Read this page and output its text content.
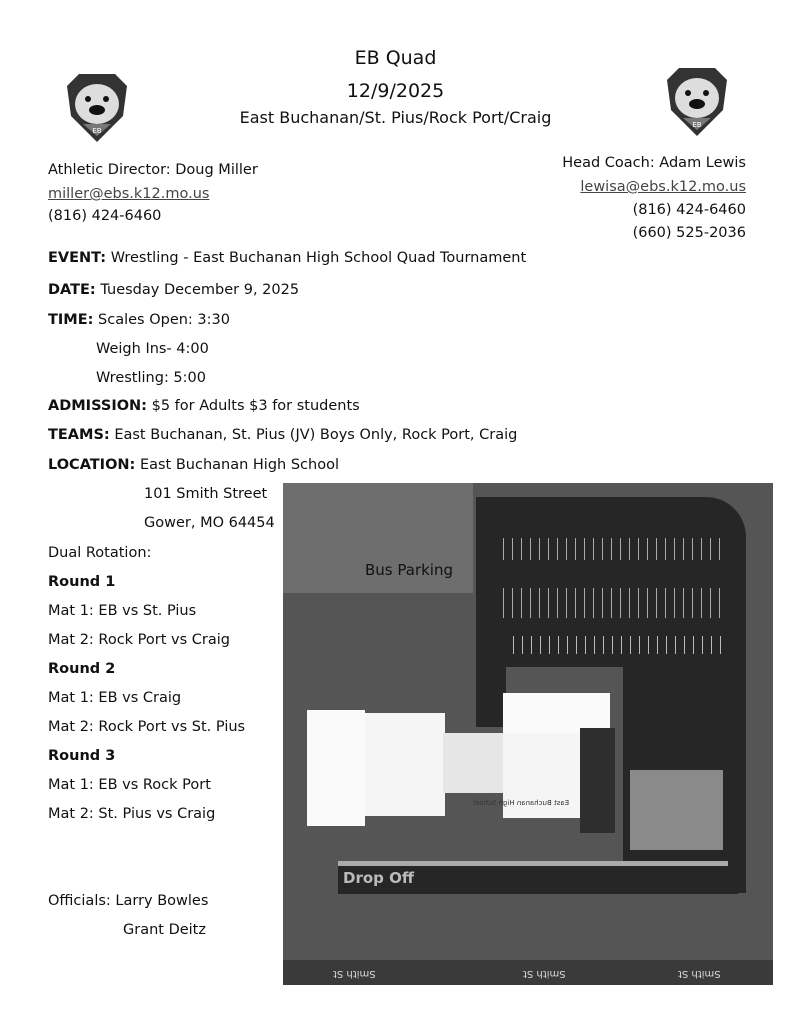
EB Quad
12/9/2025
East Buchanan/St. Pius/Rock Port/Craig
EB
EB
Athletic Director: Doug Miller
miller@ebs.k12.mo.us
(816) 424-6460
Head Coach: Adam Lewis
lewisa@ebs.k12.mo.us
(816) 424-6460
(660) 525-2036
EVENT: Wrestling - East Buchanan High School Quad Tournament
DATE: Tuesday December 9, 2025
TIME: Scales Open: 3:30
Weigh Ins- 4:00
Wrestling: 5:00
ADMISSION: $5 for Adults $3 for students
TEAMS: East Buchanan, St. Pius (JV) Boys Only, Rock Port, Craig
LOCATION: East Buchanan High School
101 Smith Street
Gower, MO 64454
Dual Rotation:
Round 1
Mat 1: EB vs St. Pius
Mat 2: Rock Port vs Craig
Round 2
Mat 1: EB vs Craig
Mat 2: Rock Port vs St. Pius
Round 3
Mat 1: EB vs Rock Port
Mat 2: St. Pius vs Craig
Officials: Larry Bowles
Grant Deitz
Bus Parking
Drop Off
East Buchanan High School
Smith St	Smith St	Smith St
